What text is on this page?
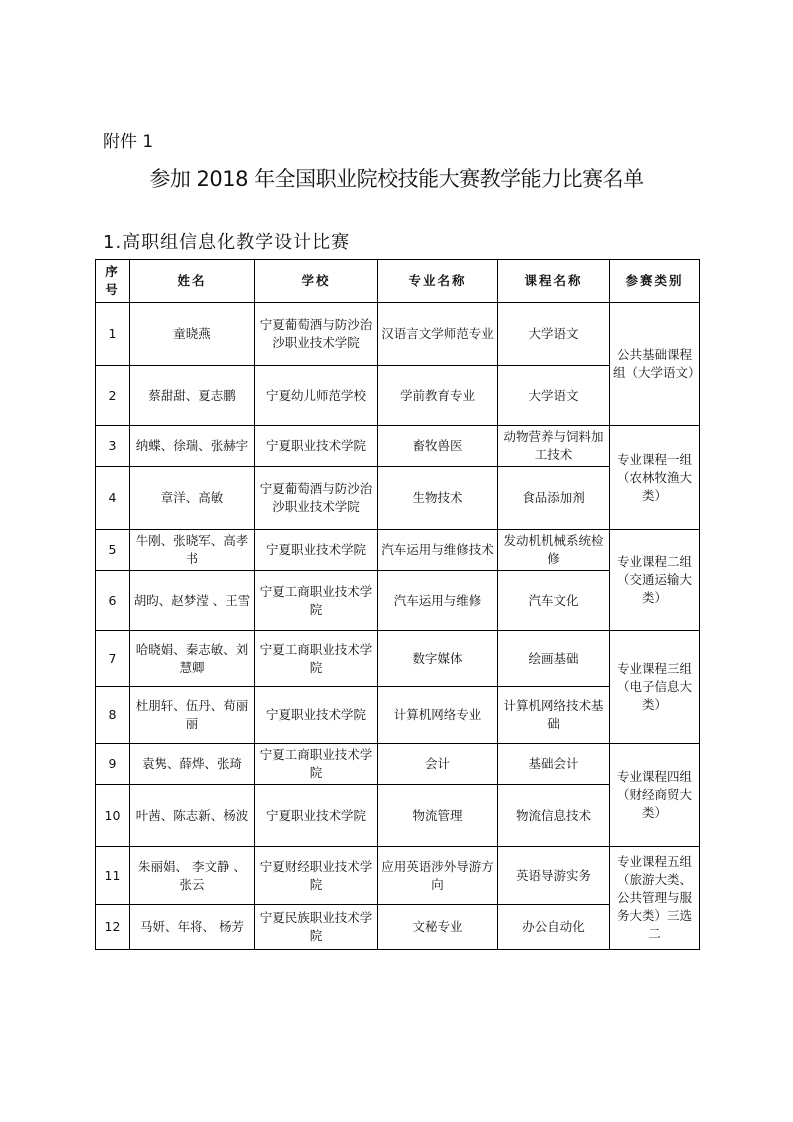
附件 1
参加 2018 年全国职业院校技能大赛教学能力比赛名单
1.高职组信息化教学设计比赛
序号	姓名	学校	专业名称	课程名称	参赛类别
1	童晓燕	宁夏葡萄酒与防沙治沙职业技术学院	汉语言文学师范专业	大学语文	公共基础课程组（大学语文）
2	蔡甜甜、夏志鹏	宁夏幼儿师范学校	学前教育专业	大学语文	
3	纳蝶、徐瑞、张赫宇	宁夏职业技术学院	畜牧兽医	动物营养与饲料加工技术	专业课程一组（农林牧渔大类）
4	章洋、高敏	宁夏葡萄酒与防沙治沙职业技术学院	生物技术	食品添加剂	
5	牛刚、张晓军、高孝书	宁夏职业技术学院	汽车运用与维修技术	发动机机械系统检修	专业课程二组（交通运输大类）
6	胡昀、赵梦滢 、王雪	宁夏工商职业技术学院	汽车运用与维修	汽车文化	
7	哈晓娟、秦志敏、刘慧卿	宁夏工商职业技术学院	数字媒体	绘画基础	专业课程三组（电子信息大类）
8	杜朋轩、伍丹、荀丽丽	宁夏职业技术学院	计算机网络专业	计算机网络技术基础	
9	袁隽、薛烨、张琦	宁夏工商职业技术学院	会计	基础会计	专业课程四组（财经商贸大类）
10	叶茜、陈志新、杨波	宁夏职业技术学院	物流管理	物流信息技术	
11	朱丽娟、 李文静 、张云	宁夏财经职业技术学院	应用英语涉外导游方向	英语导游实务	专业课程五组（旅游大类、公共管理与服务大类）三选二
12	马妍、年将、 杨芳	宁夏民族职业技术学院	文秘专业	办公自动化	
